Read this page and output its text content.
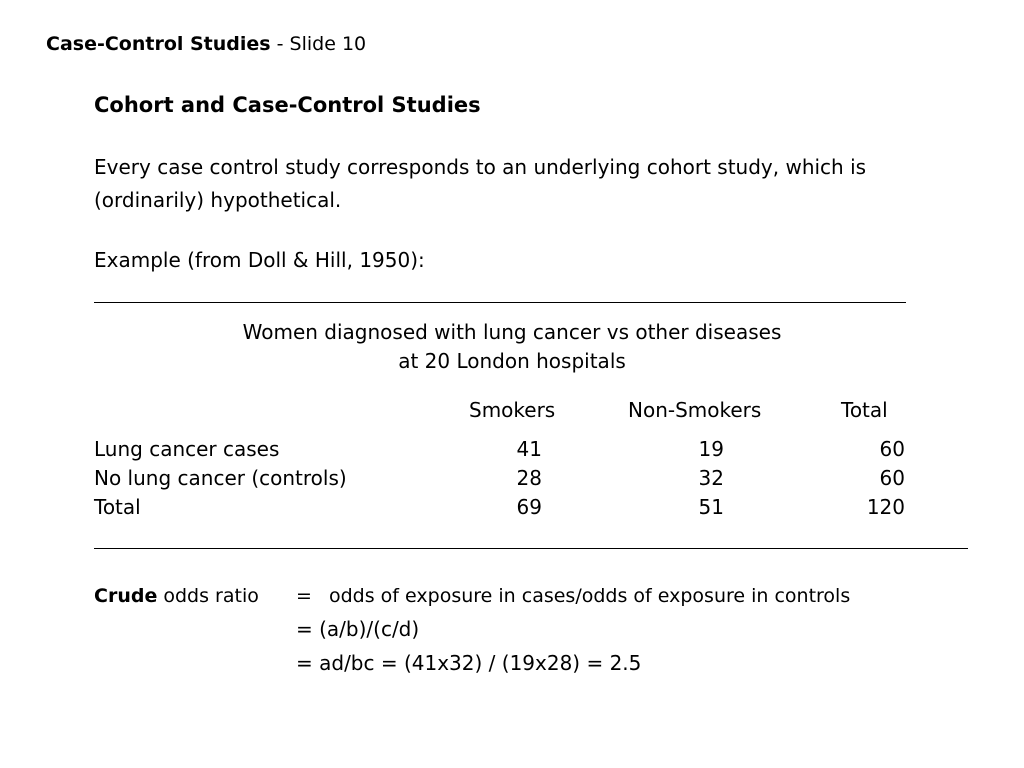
Case-Control Studies - Slide 10
Cohort and Case-Control Studies
Every case control study corresponds to an underlying cohort study, which is (ordinarily) hypothetical.
Example (from Doll & Hill, 1950):
Women diagnosed with lung cancer vs other diseases
at 20 London hospitals
Smokers	Non-Smokers	Total
Lung cancer cases	41	19	60
No lung cancer (controls)	28	32	60
Total	69	51	120
Crude odds ratio = odds of exposure in cases/odds of exposure in controls
= (a/b)/(c/d)
= ad/bc = (41x32) / (19x28) = 2.5
